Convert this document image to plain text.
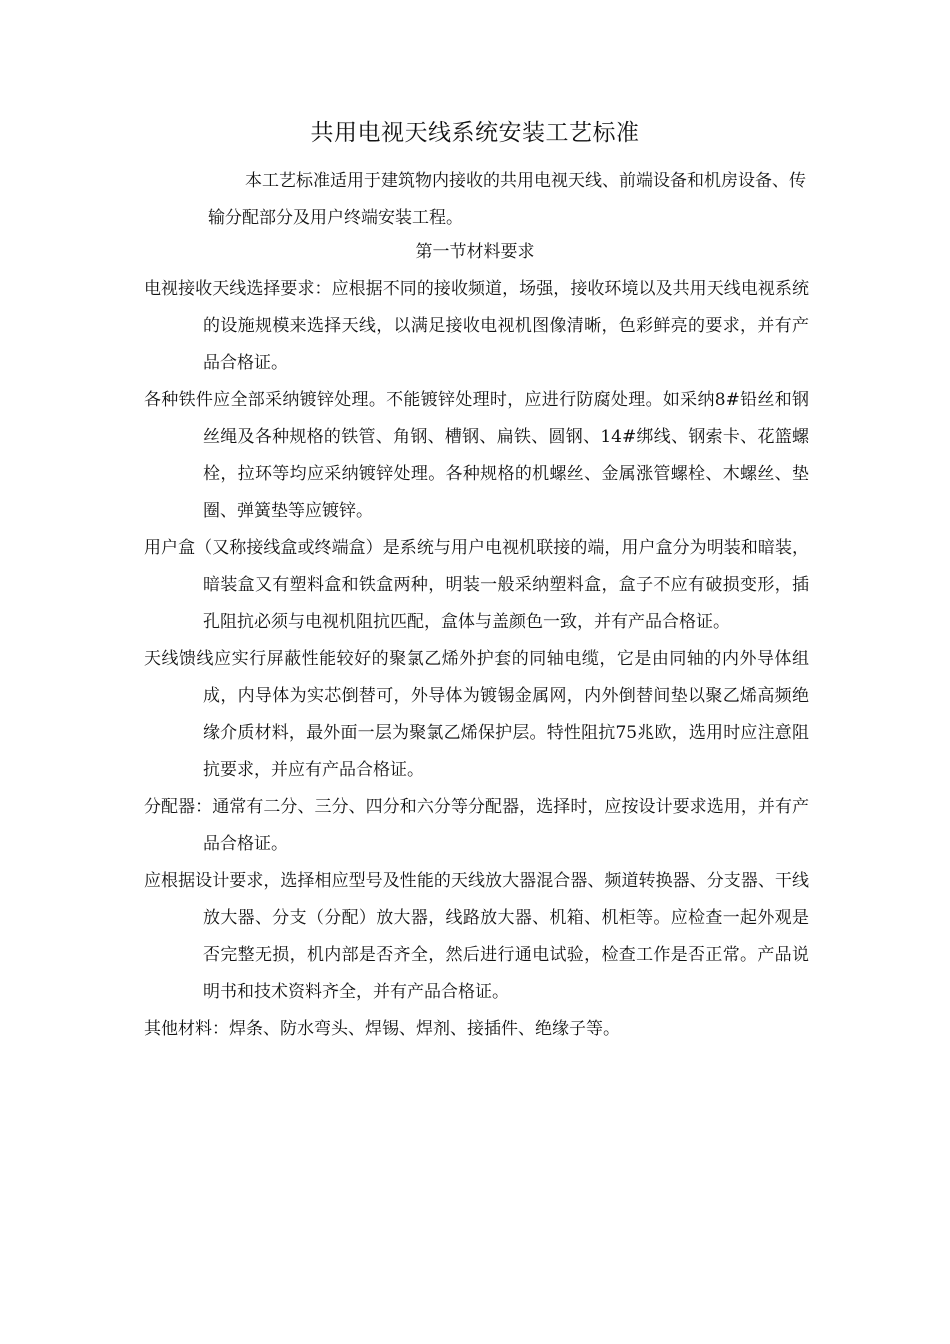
共用电视天线系统安装工艺标准
本工艺标准适用于建筑物内接收的共用电视天线、前端设备和机房设备、传输分配部分及用户终端安装工程。
第一节材料要求

电视接收天线选择要求：应根据不同的接收频道，场强，接收环境以及共用天线电视系统的设施规模来选择天线，以满足接收电视机图像清晰，色彩鲜亮的要求，并有产品合格证。

各种铁件应全部采纳镀锌处理。不能镀锌处理时，应进行防腐处理。如采纳8#铅丝和钢丝绳及各种规格的铁管、角钢、槽钢、扁铁、圆钢、14#绑线、钢索卡、花篮螺栓，拉环等均应采纳镀锌处理。各种规格的机螺丝、金属涨管螺栓、木螺丝、垫圈、弹簧垫等应镀锌。

用户盒（又称接线盒或终端盒）是系统与用户电视机联接的端，用户盒分为明装和暗装，暗装盒又有塑料盒和铁盒两种，明装一般采纳塑料盒，盒子不应有破损变形，插孔阻抗必须与电视机阻抗匹配，盒体与盖颜色一致，并有产品合格证。

天线馈线应实行屏蔽性能较好的聚氯乙烯外护套的同轴电缆，它是由同轴的内外导体组成，内导体为实芯倒替可，外导体为镀锡金属网，内外倒替间垫以聚乙烯高频绝缘介质材料，最外面一层为聚氯乙烯保护层。特性阻抗75兆欧，选用时应注意阻抗要求，并应有产品合格证。

分配器：通常有二分、三分、四分和六分等分配器，选择时，应按设计要求选用，并有产品合格证。

应根据设计要求，选择相应型号及性能的天线放大器混合器、频道转换器、分支器、干线放大器、分支（分配）放大器，线路放大器、机箱、机柜等。应检查一起外观是否完整无损，机内部是否齐全，然后进行通电试验，检查工作是否正常。产品说明书和技术资料齐全，并有产品合格证。

其他材料：焊条、防水弯头、焊锡、焊剂、接插件、绝缘子等。
